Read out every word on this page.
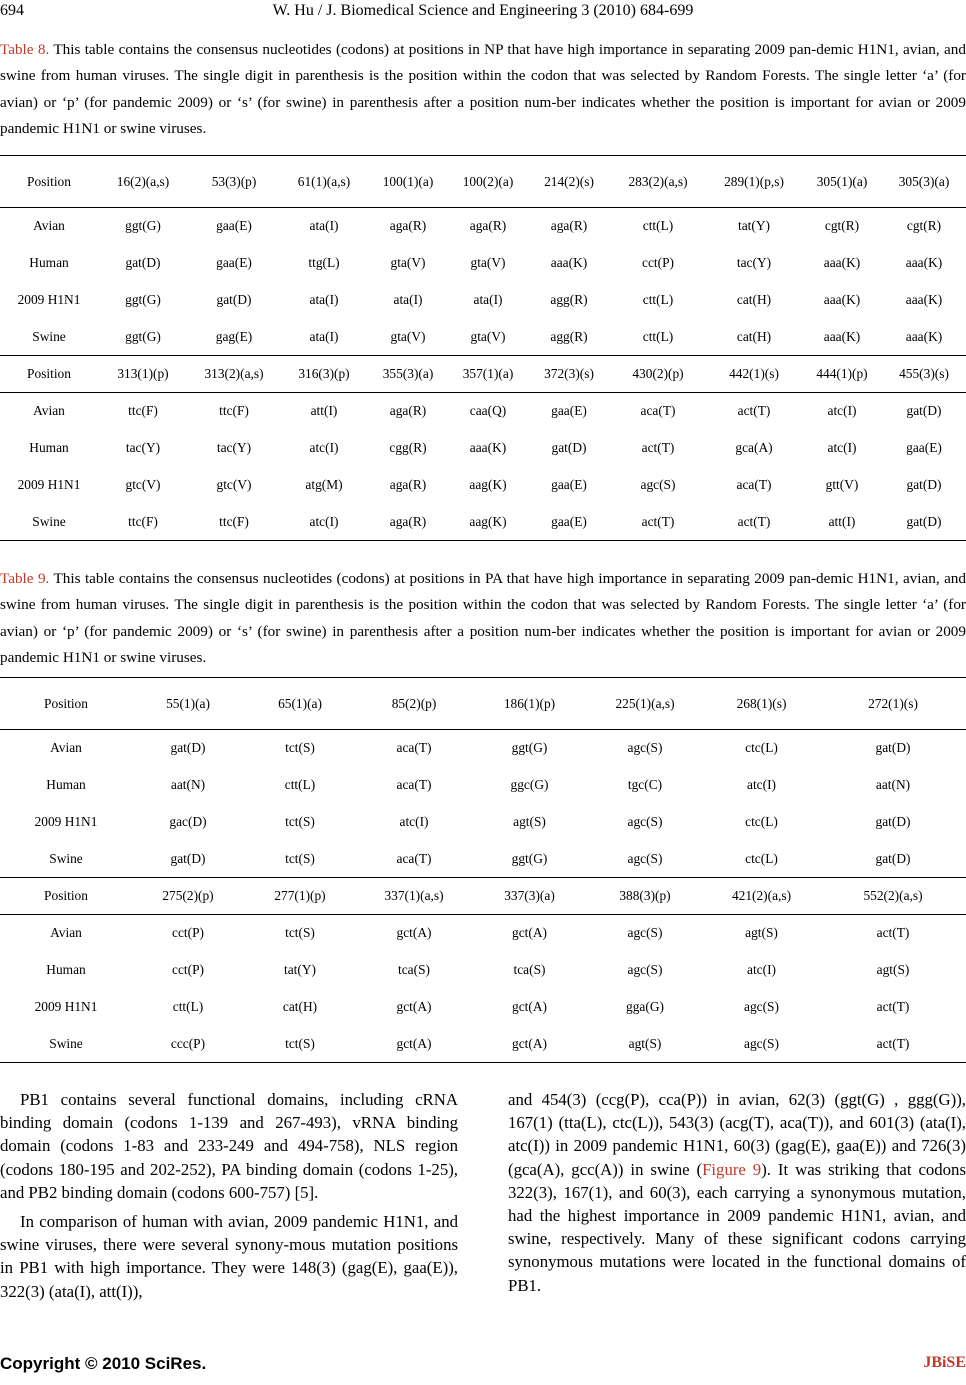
694	W. Hu / J. Biomedical Science and Engineering 3 (2010) 684-699
Table 8. This table contains the consensus nucleotides (codons) at positions in NP that have high importance in separating 2009 pan-demic H1N1, avian, and swine from human viruses. The single digit in parenthesis is the position within the codon that was selected by Random Forests. The single letter ‘a’ (for avian) or ‘p’ (for pandemic 2009) or ‘s’ (for swine) in parenthesis after a position num-ber indicates whether the position is important for avian or 2009 pandemic H1N1 or swine viruses.
Position	16(2)(a,s)	53(3)(p)	61(1)(a,s)	100(1)(a)	100(2)(a)	214(2)(s)	283(2)(a,s)	289(1)(p,s)	305(1)(a)	305(3)(a)
Avian	ggt(G)	gaa(E)	ata(I)	aga(R)	aga(R)	aga(R)	ctt(L)	tat(Y)	cgt(R)	cgt(R)
Human	gat(D)	gaa(E)	ttg(L)	gta(V)	gta(V)	aaa(K)	cct(P)	tac(Y)	aaa(K)	aaa(K)
2009 H1N1	ggt(G)	gat(D)	ata(I)	ata(I)	ata(I)	agg(R)	ctt(L)	cat(H)	aaa(K)	aaa(K)
Swine	ggt(G)	gag(E)	ata(I)	gta(V)	gta(V)	agg(R)	ctt(L)	cat(H)	aaa(K)	aaa(K)
Position	313(1)(p)	313(2)(a,s)	316(3)(p)	355(3)(a)	357(1)(a)	372(3)(s)	430(2)(p)	442(1)(s)	444(1)(p)	455(3)(s)
Avian	ttc(F)	ttc(F)	att(I)	aga(R)	caa(Q)	gaa(E)	aca(T)	act(T)	atc(I)	gat(D)
Human	tac(Y)	tac(Y)	atc(I)	cgg(R)	aaa(K)	gat(D)	act(T)	gca(A)	atc(I)	gaa(E)
2009 H1N1	gtc(V)	gtc(V)	atg(M)	aga(R)	aag(K)	gaa(E)	agc(S)	aca(T)	gtt(V)	gat(D)
Swine	ttc(F)	ttc(F)	atc(I)	aga(R)	aag(K)	gaa(E)	act(T)	act(T)	att(I)	gat(D)
Table 9. This table contains the consensus nucleotides (codons) at positions in PA that have high importance in separating 2009 pan-demic H1N1, avian, and swine from human viruses. The single digit in parenthesis is the position within the codon that was selected by Random Forests. The single letter ‘a’ (for avian) or ‘p’ (for pandemic 2009) or ‘s’ (for swine) in parenthesis after a position num-ber indicates whether the position is important for avian or 2009 pandemic H1N1 or swine viruses.
Position	55(1)(a)	65(1)(a)	85(2)(p)	186(1)(p)	225(1)(a,s)	268(1)(s)	272(1)(s)
Avian	gat(D)	tct(S)	aca(T)	ggt(G)	agc(S)	ctc(L)	gat(D)
Human	aat(N)	ctt(L)	aca(T)	ggc(G)	tgc(C)	atc(I)	aat(N)
2009 H1N1	gac(D)	tct(S)	atc(I)	agt(S)	agc(S)	ctc(L)	gat(D)
Swine	gat(D)	tct(S)	aca(T)	ggt(G)	agc(S)	ctc(L)	gat(D)
Position	275(2)(p)	277(1)(p)	337(1)(a,s)	337(3)(a)	388(3)(p)	421(2)(a,s)	552(2)(a,s)
Avian	cct(P)	tct(S)	gct(A)	gct(A)	agc(S)	agt(S)	act(T)
Human	cct(P)	tat(Y)	tca(S)	tca(S)	agc(S)	atc(I)	agt(S)
2009 H1N1	ctt(L)	cat(H)	gct(A)	gct(A)	gga(G)	agc(S)	act(T)
Swine	ccc(P)	tct(S)	gct(A)	gct(A)	agt(S)	agc(S)	act(T)

PB1 contains several functional domains, including cRNA binding domain (codons 1-139 and 267-493), vRNA binding domain (codons 1-83 and 233-249 and 494-758), NLS region (codons 180-195 and 202-252), PA binding domain (codons 1-25), and PB2 binding domain (codons 600-757) [5].

In comparison of human with avian, 2009 pandemic H1N1, and swine viruses, there were several synony-mous mutation positions in PB1 with high importance. They were 148(3) (gag(E), gaa(E)), 322(3) (ata(I), att(I)),

and 454(3) (ccg(P), cca(P)) in avian, 62(3) (ggt(G) , ggg(G)), 167(1) (tta(L), ctc(L)), 543(3) (acg(T), aca(T)), and 601(3) (ata(I), atc(I)) in 2009 pandemic H1N1, 60(3) (gag(E), gaa(E)) and 726(3) (gca(A), gcc(A)) in swine (Figure 9). It was striking that codons 322(3), 167(1), and 60(3), each carrying a synonymous mutation, had the highest importance in 2009 pandemic H1N1, avian, and swine, respectively. Many of these significant codons carrying synonymous mutations were located in the functional domains of PB1.

Copyright © 2010 SciRes.	JBiSE
